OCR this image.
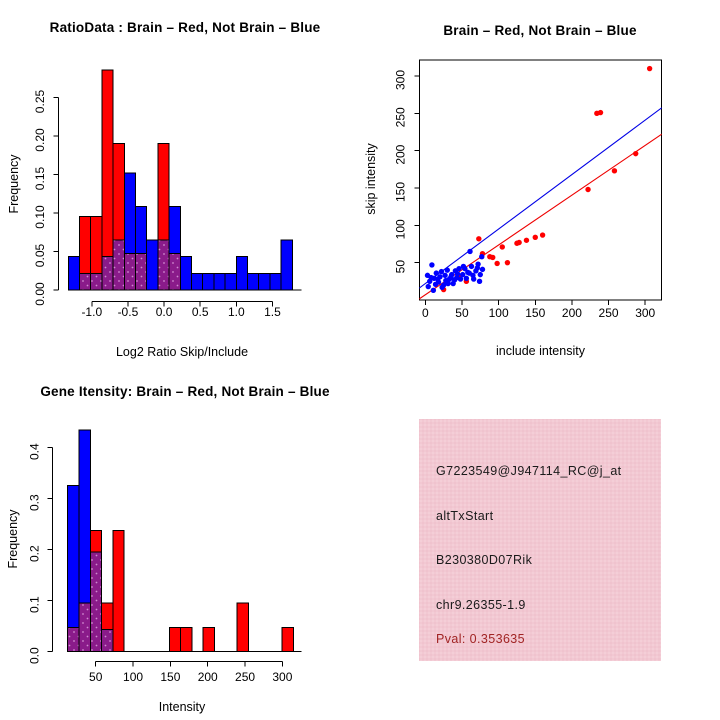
0.00
0.05
0.10
0.15
0.20
0.25
-1.0 -0.5 0.0 0.5 1.0 1.5	0 50 100 150 200 250 300
50
100
150
200
250
300
0.0
0.1
0.2
0.3
0.4
50 100 150 200 250 300
RatioData : Brain – Red, Not Brain – Blue	Brain – Red, Not Brain – Blue
Gene Itensity: Brain – Red, Not Brain – Blue
Log2 Ratio Skip/Include	include intensity
Intensity
Frequency	skip intensity
Frequency
G7223549@J947114_RC@j_at
altTxStart
B230380D07Rik
chr9.26355-1.9
Pval: 0.353635
